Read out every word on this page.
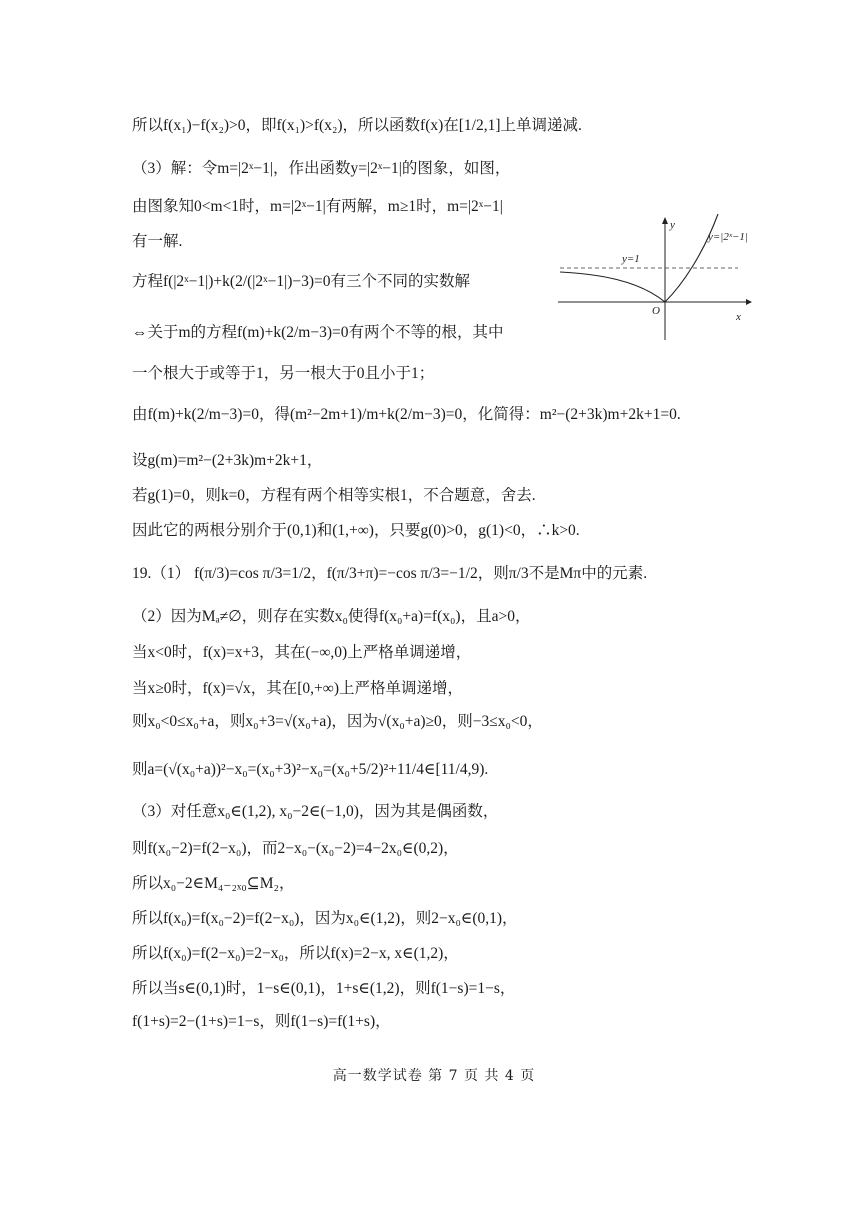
所以f(x₁)−f(x₂)>0，即f(x₁)>f(x₂)，所以函数f(x)在[1/2,1]上单调递减.
（3）解：令m=|2ˣ−1|，作出函数y=|2ˣ−1|的图象，如图，
由图象知0<m<1时，m=|2ˣ−1|有两解，m≥1时，m=|2ˣ−1|
有一解.
方程f(|2ˣ−1|)+k(2/(|2ˣ−1|)−3)=0有三个不同的实数解
⇔关于m的方程f(m)+k(2/m−3)=0有两个不等的根，其中
一个根大于或等于1，另一根大于0且小于1；
由f(m)+k(2/m−3)=0，得(m²−2m+1)/m+k(2/m−3)=0，化简得：m²−(2+3k)m+2k+1=0.
设g(m)=m²−(2+3k)m+2k+1，
若g(1)=0，则k=0，方程有两个相等实根1，不合题意，舍去.
因此它的两根分别介于(0,1)和(1,+∞)，只要g(0)>0，g(1)<0，∴k>0.
19.（1） f(π/3)=cos π/3=1/2，f(π/3+π)=−cos π/3=−1/2，则π/3不是Mπ中的元素.
（2）因为Mₐ≠∅，则存在实数x₀使得f(x₀+a)=f(x₀)，且a>0，
当x<0时，f(x)=x+3，其在(−∞,0)上严格单调递增，
当x≥0时，f(x)=√x，其在[0,+∞)上严格单调递增，
则x₀<0≤x₀+a，则x₀+3=√(x₀+a)，因为√(x₀+a)≥0，则−3≤x₀<0，
则a=(√(x₀+a))²−x₀=(x₀+3)²−x₀=(x₀+5/2)²+11/4∈[11/4,9).
（3）对任意x₀∈(1,2), x₀−2∈(−1,0)，因为其是偶函数，
则f(x₀−2)=f(2−x₀)，而2−x₀−(x₀−2)=4−2x₀∈(0,2)，
所以x₀−2∈M₄₋₂ₓ₀⊆M₂，
所以f(x₀)=f(x₀−2)=f(2−x₀)，因为x₀∈(1,2)，则2−x₀∈(0,1)，
所以f(x₀)=f(2−x₀)=2−x₀，所以f(x)=2−x, x∈(1,2)，
所以当s∈(0,1)时，1−s∈(0,1)，1+s∈(1,2)，则f(1−s)=1−s，
f(1+s)=2−(1+s)=1−s，则f(1−s)=f(1+s)，
y
x
O
y=1
y=|2ˣ−1|
高一数学试卷 第 7 页 共 4 页
